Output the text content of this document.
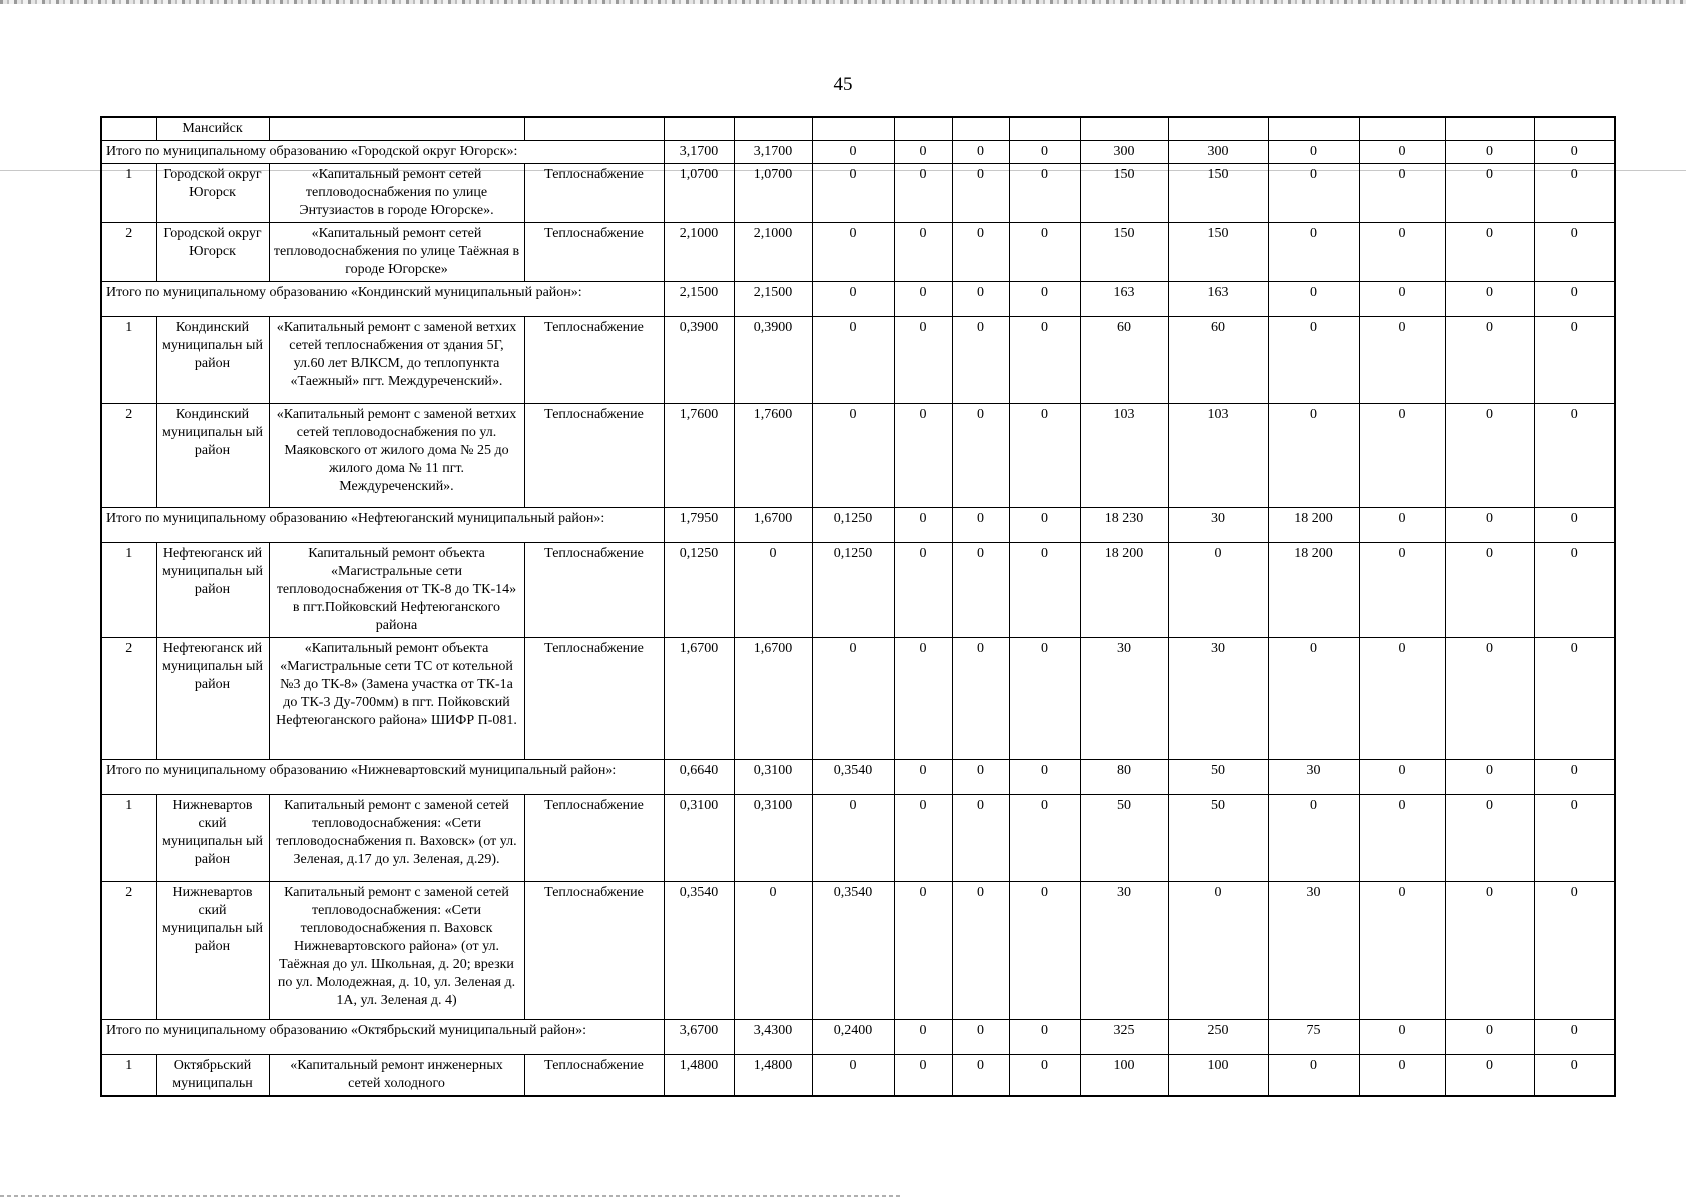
45
	Мансийск														
Итого по муниципальному образованию «Городской округ Югорск»:				3,1700	3,1700	0	0	0	0	300	300	0	0	0	0
1	Городской округ Югорск	«Капитальный ремонт сетей тепловодоснабжения по улице Энтузиастов в городе Югорске».	Теплоснабжение	1,0700	1,0700	0	0	0	0	150	150	0	0	0	0
2	Городской округ Югорск	«Капитальный ремонт сетей тепловодоснабжения по улице Таёжная в городе Югорске»	Теплоснабжение	2,1000	2,1000	0	0	0	0	150	150	0	0	0	0
Итого по муниципальному образованию «Кондинский муниципальный район»:				2,1500	2,1500	0	0	0	0	163	163	0	0	0	0
1	Кондинский муниципальн ый район	«Капитальный ремонт с заменой ветхих сетей теплоснабжения от здания 5Г, ул.60 лет ВЛКСМ, до теплопункта «Таежный» пгт. Междуреченский».	Теплоснабжение	0,3900	0,3900	0	0	0	0	60	60	0	0	0	0
2	Кондинский муниципальн ый район	«Капитальный ремонт с заменой ветхих сетей тепловодоснабжения по ул. Маяковского от жилого дома № 25 до жилого дома № 11 пгт. Междуреченский».	Теплоснабжение	1,7600	1,7600	0	0	0	0	103	103	0	0	0	0
Итого по муниципальному образованию «Нефтеюганский муниципальный район»:				1,7950	1,6700	0,1250	0	0	0	18 230	30	18 200	0	0	0
1	Нефтеюганск ий муниципальн ый район	Капитальный ремонт объекта «Магистральные сети тепловодоснабжения от ТК-8 до ТК-14» в пгт.Пойковский Нефтеюганского района	Теплоснабжение	0,1250	0	0,1250	0	0	0	18 200	0	18 200	0	0	0
2	Нефтеюганск ий муниципальн ый район	«Капитальный ремонт объекта «Магистральные сети ТС от котельной №3 до ТК-8» (Замена участка от ТК-1а до ТК-3 Ду-700мм) в пгт. Пойковский Нефтеюганского района» ШИФР П-081.	Теплоснабжение	1,6700	1,6700	0	0	0	0	30	30	0	0	0	0
Итого по муниципальному образованию «Нижневартовский муниципальный район»:				0,6640	0,3100	0,3540	0	0	0	80	50	30	0	0	0
1	Нижневартов ский муниципальн ый район	Капитальный ремонт с заменой сетей тепловодоснабжения: «Сети тепловодоснабжения п. Ваховск» (от ул. Зеленая, д.17 до ул. Зеленая, д.29).	Теплоснабжение	0,3100	0,3100	0	0	0	0	50	50	0	0	0	0
2	Нижневартов ский муниципальн ый район	Капитальный ремонт с заменой сетей тепловодоснабжения: «Сети тепловодоснабжения п. Ваховск Нижневартовского района» (от ул. Таёжная до ул. Школьная, д. 20; врезки по ул. Молодежная, д. 10, ул. Зеленая д. 1А, ул. Зеленая д. 4)	Теплоснабжение	0,3540	0	0,3540	0	0	0	30	0	30	0	0	0
Итого по муниципальному образованию «Октябрьский муниципальный район»:				3,6700	3,4300	0,2400	0	0	0	325	250	75	0	0	0
1	Октябрьский муниципальн	«Капитальный ремонт инженерных сетей холодного	Теплоснабжение	1,4800	1,4800	0	0	0	0	100	100	0	0	0	0
